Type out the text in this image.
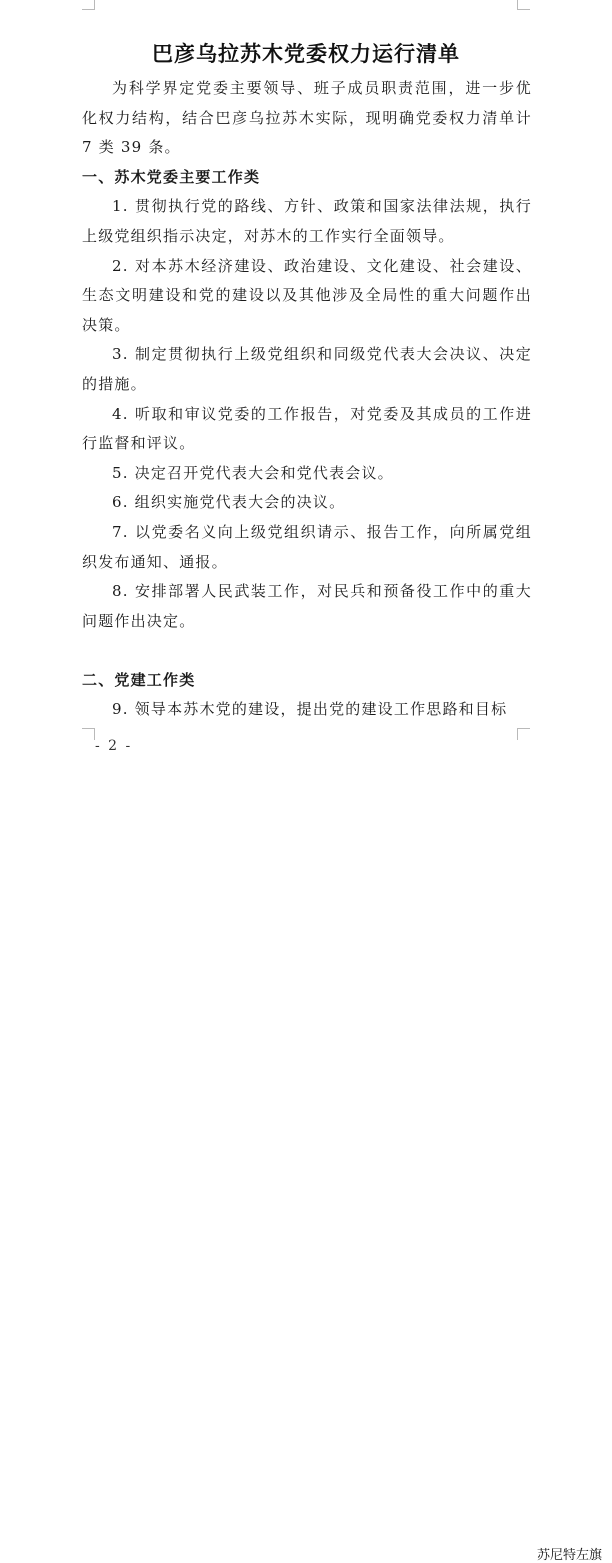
巴彦乌拉苏木党委权力运行清单

为科学界定党委主要领导、班子成员职责范围，进一步优化权力结构，结合巴彦乌拉苏木实际，现明确党委权力清单计 7 类 39 条。

一、苏木党委主要工作类

1. 贯彻执行党的路线、方针、政策和国家法律法规，执行上级党组织指示决定，对苏木的工作实行全面领导。

2. 对本苏木经济建设、政治建设、文化建设、社会建设、生态文明建设和党的建设以及其他涉及全局性的重大问题作出决策。

3. 制定贯彻执行上级党组织和同级党代表大会决议、决定的措施。

4. 听取和审议党委的工作报告，对党委及其成员的工作进行监督和评议。

5. 决定召开党代表大会和党代表会议。

6. 组织实施党代表大会的决议。

7. 以党委名义向上级党组织请示、报告工作，向所属党组织发布通知、通报。

8. 安排部署人民武装工作，对民兵和预备役工作中的重大问题作出决定。

二、党建工作类

9. 领导本苏木党的建设，提出党的建设工作思路和目标

- 2 -
苏尼特左旗
